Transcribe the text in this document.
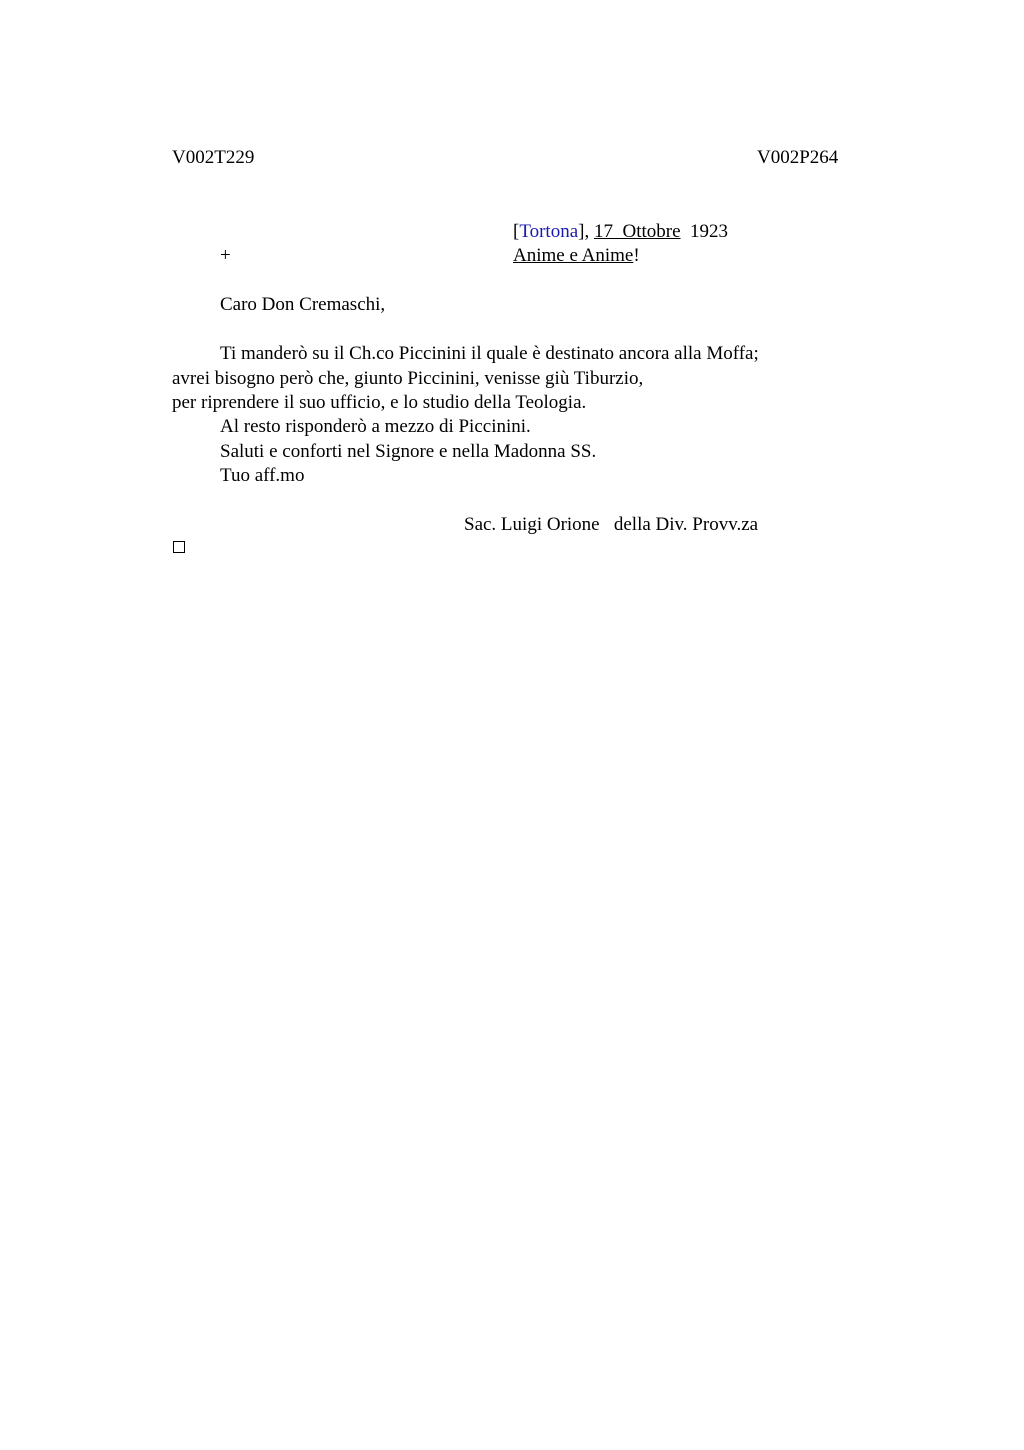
V002T229	V002P264
[Tortona], 17  Ottobre  1923
+	Anime e Anime!
Caro Don Cremaschi,
Ti manderò su il Ch.co Piccinini il quale è destinato ancora alla Moffa;
avrei bisogno però che, giunto Piccinini, venisse giù Tiburzio,
per riprendere il suo ufficio, e lo studio della Teologia.
Al resto risponderò a mezzo di Piccinini.
Saluti e conforti nel Signore e nella Madonna SS.
Tuo aff.mo
Sac. Luigi Orione   della Div. Provv.za
